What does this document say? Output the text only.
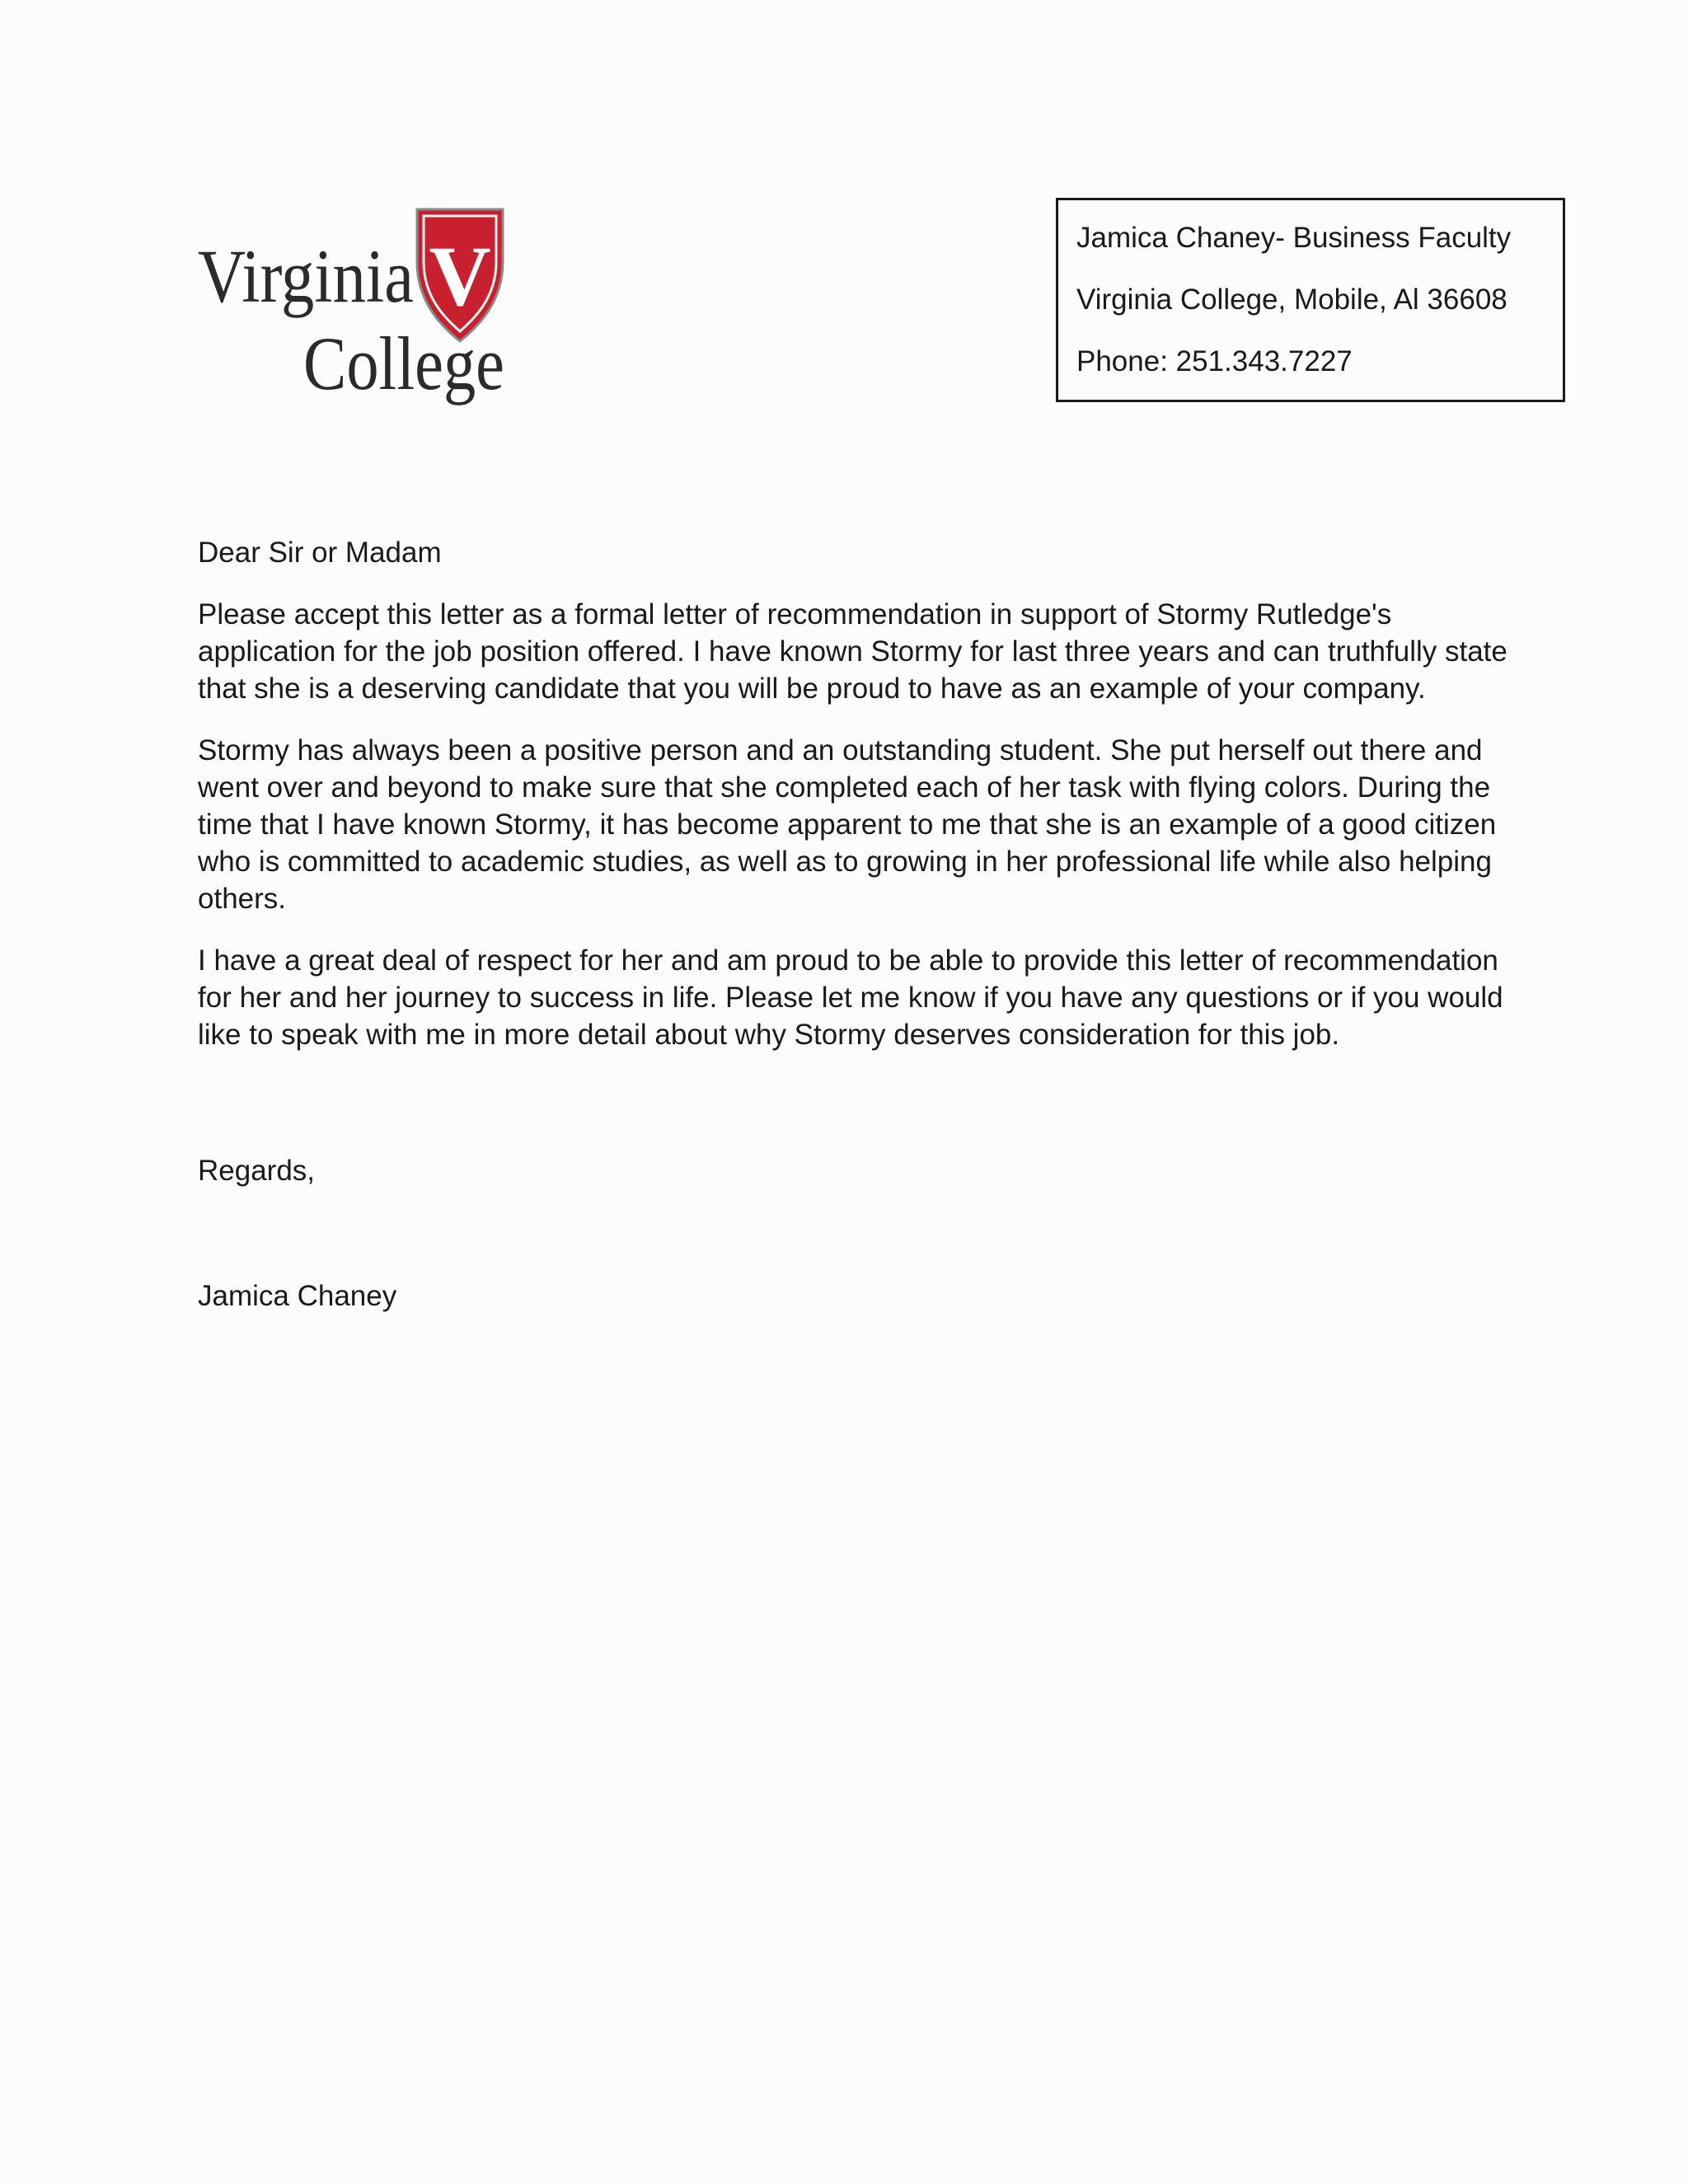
V
Virginia
College
Jamica Chaney- Business Faculty
Virginia College, Mobile, Al 36608
Phone: 251.343.7227

Dear Sir or Madam

Please accept this letter as a formal letter of recommendation in support of Stormy Rutledge's application for the job position offered. I have known Stormy for last three years and can truthfully state that she is a deserving candidate that you will be proud to have as an example of your company.

Stormy has always been a positive person and an outstanding student. She put herself out there and went over and beyond to make sure that she completed each of her task with flying colors. During the time that I have known Stormy, it has become apparent to me that she is an example of a good citizen who is committed to academic studies, as well as to growing in her professional life while also helping others.

I have a great deal of respect for her and am proud to be able to provide this letter of recommendation for her and her journey to success in life. Please let me know if you have any questions or if you would like to speak with me in more detail about why Stormy deserves consideration for this job.

Regards,

Jamica Chaney
